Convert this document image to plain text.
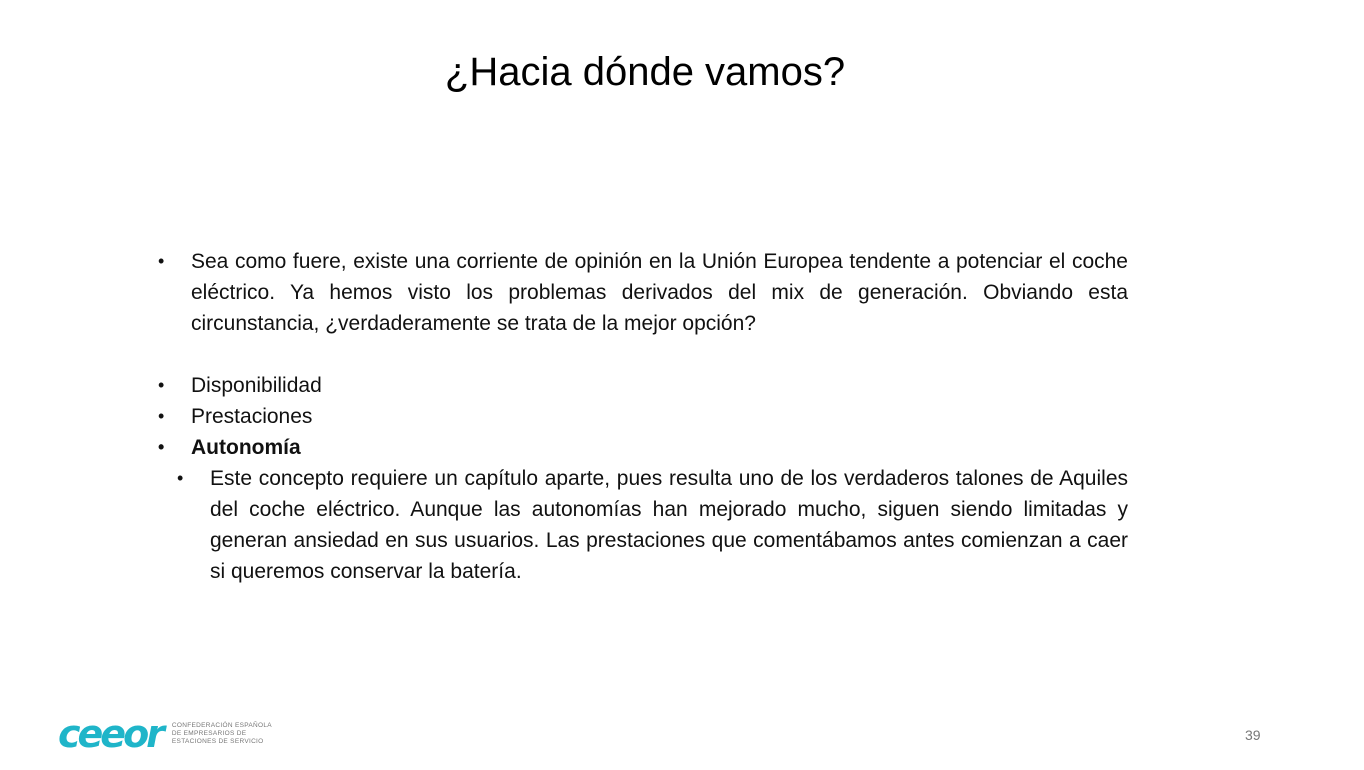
¿Hacia dónde vamos?
• Sea como fuere, existe una corriente de opinión en la Unión Europea tendente a potenciar el coche eléctrico. Ya hemos visto los problemas derivados del mix de generación. Obviando esta circunstancia, ¿verdaderamente se trata de la mejor opción?
• Disponibilidad
• Prestaciones
• Autonomía
• Este concepto requiere un capítulo aparte, pues resulta uno de los verdaderos talones de Aquiles del coche eléctrico. Aunque las autonomías han mejorado mucho, siguen siendo limitadas y generan ansiedad en sus usuarios. Las prestaciones que comentábamos antes comienzan a caer si queremos conservar la batería.
ceeor CONFEDERACIÓN ESPAÑOLA
DE EMPRESARIOS DE
ESTACIONES DE SERVICIO	39
